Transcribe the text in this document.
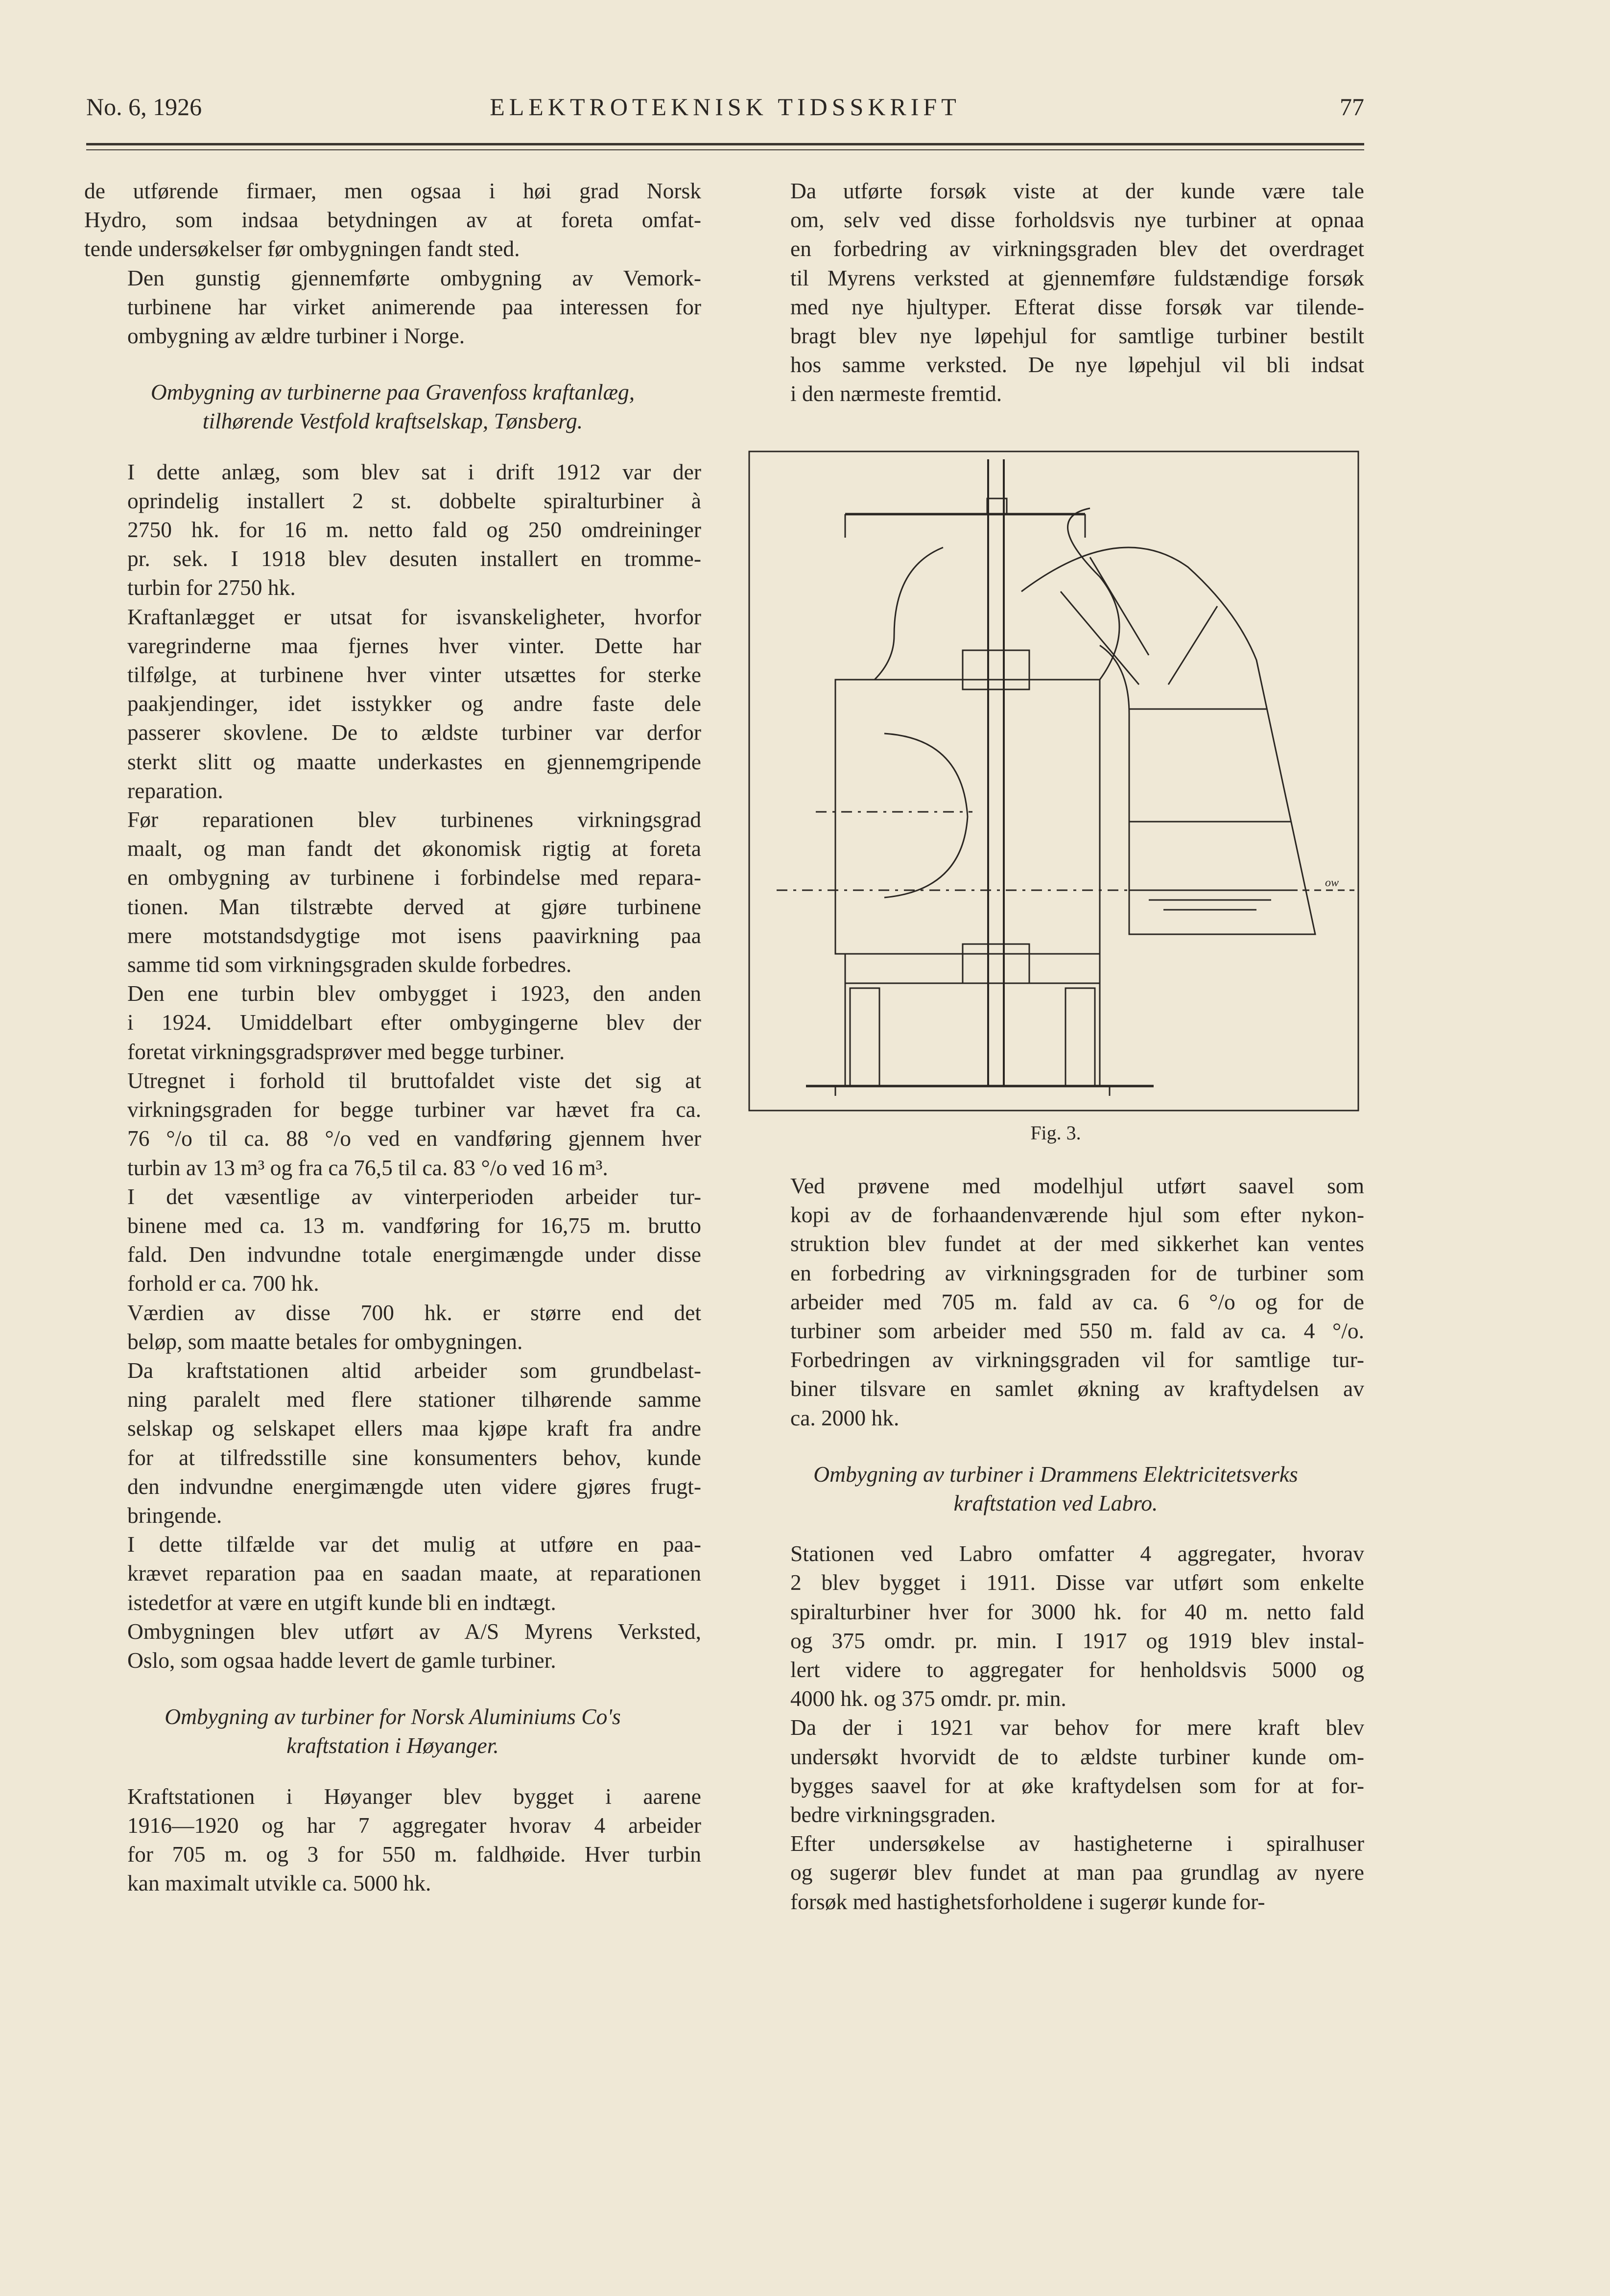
No. 6, 1926	ELEKTROTEKNISK TIDSSKRIFT	77

de utførende firmaer, men ogsaa i høi grad Norsk
Hydro, som indsaa betydningen av at foreta omfat-
tende undersøkelser før ombygningen fandt sted.

Den gunstig gjennemførte ombygning av Vemork-
turbinene har virket animerende paa interessen for
ombygning av ældre turbiner i Norge.

Ombygning av turbinerne paa Gravenfoss kraftanlæg,
tilhørende Vestfold kraftselskap, Tønsberg.

I dette anlæg, som blev sat i drift 1912 var der
oprindelig installert 2 st. dobbelte spiralturbiner à
2750 hk. for 16 m. netto fald og 250 omdreininger
pr. sek. I 1918 blev desuten installert en tromme-
turbin for 2750 hk.

Kraftanlægget er utsat for isvanskeligheter, hvorfor
varegrinderne maa fjernes hver vinter. Dette har
tilfølge, at turbinene hver vinter utsættes for sterke
paakjendinger, idet isstykker og andre faste dele
passerer skovlene. De to ældste turbiner var derfor
sterkt slitt og maatte underkastes en gjennemgripende
reparation.

Før reparationen blev turbinenes virkningsgrad
maalt, og man fandt det økonomisk rigtig at foreta
en ombygning av turbinene i forbindelse med repara-
tionen. Man tilstræbte derved at gjøre turbinene
mere motstandsdygtige mot isens paavirkning paa
samme tid som virkningsgraden skulde forbedres.

Den ene turbin blev ombygget i 1923, den anden
i 1924. Umiddelbart efter ombygingerne blev der
foretat virkningsgradsprøver med begge turbiner.

Utregnet i forhold til bruttofaldet viste det sig at
virkningsgraden for begge turbiner var hævet fra ca.
76 °/o til ca. 88 °/o ved en vandføring gjennem hver
turbin av 13 m³ og fra ca 76,5 til ca. 83 °/o ved 16 m³.

I det væsentlige av vinterperioden arbeider tur-
binene med ca. 13 m. vandføring for 16,75 m. brutto
fald. Den indvundne totale energimængde under disse
forhold er ca. 700 hk.

Værdien av disse 700 hk. er større end det
beløp, som maatte betales for ombygningen.

Da kraftstationen altid arbeider som grundbelast-
ning paralelt med flere stationer tilhørende samme
selskap og selskapet ellers maa kjøpe kraft fra andre
for at tilfredsstille sine konsumenters behov, kunde
den indvundne energimængde uten videre gjøres frugt-
bringende.

I dette tilfælde var det mulig at utføre en paa-
krævet reparation paa en saadan maate, at reparationen
istedetfor at være en utgift kunde bli en indtægt.

Ombygningen blev utført av A/S Myrens Verksted,
Oslo, som ogsaa hadde levert de gamle turbiner.

Ombygning av turbiner for Norsk Aluminiums Co's
kraftstation i Høyanger.

Kraftstationen i Høyanger blev bygget i aarene
1916—1920 og har 7 aggregater hvorav 4 arbeider
for 705 m. og 3 for 550 m. faldhøide. Hver turbin
kan maximalt utvikle ca. 5000 hk.

Da utførte forsøk viste at der kunde være tale
om, selv ved disse forholdsvis nye turbiner at opnaa
en forbedring av virkningsgraden blev det overdraget
til Myrens verksted at gjennemføre fuldstændige forsøk
med nye hjultyper. Efterat disse forsøk var tilende-
bragt blev nye løpehjul for samtlige turbiner bestilt
hos samme verksted. De nye løpehjul vil bli indsat
i den nærmeste fremtid.

ow
Fig. 3.

Ved prøvene med modelhjul utført saavel som
kopi av de forhaandenværende hjul som efter nykon-
struktion blev fundet at der med sikkerhet kan ventes
en forbedring av virkningsgraden for de turbiner som
arbeider med 705 m. fald av ca. 6 °/o og for de
turbiner som arbeider med 550 m. fald av ca. 4 °/o.
Forbedringen av virkningsgraden vil for samtlige tur-
biner tilsvare en samlet økning av kraftydelsen av
ca. 2000 hk.

Ombygning av turbiner i Drammens Elektricitetsverks
kraftstation ved Labro.

Stationen ved Labro omfatter 4 aggregater, hvorav
2 blev bygget i 1911. Disse var utført som enkelte
spiralturbiner hver for 3000 hk. for 40 m. netto fald
og 375 omdr. pr. min. I 1917 og 1919 blev instal-
lert videre to aggregater for henholdsvis 5000 og
4000 hk. og 375 omdr. pr. min.

Da der i 1921 var behov for mere kraft blev
undersøkt hvorvidt de to ældste turbiner kunde om-
bygges saavel for at øke kraftydelsen som for at for-
bedre virkningsgraden.

Efter undersøkelse av hastigheterne i spiralhuser
og sugerør blev fundet at man paa grundlag av nyere
forsøk med hastighetsforholdene i sugerør kunde for-
